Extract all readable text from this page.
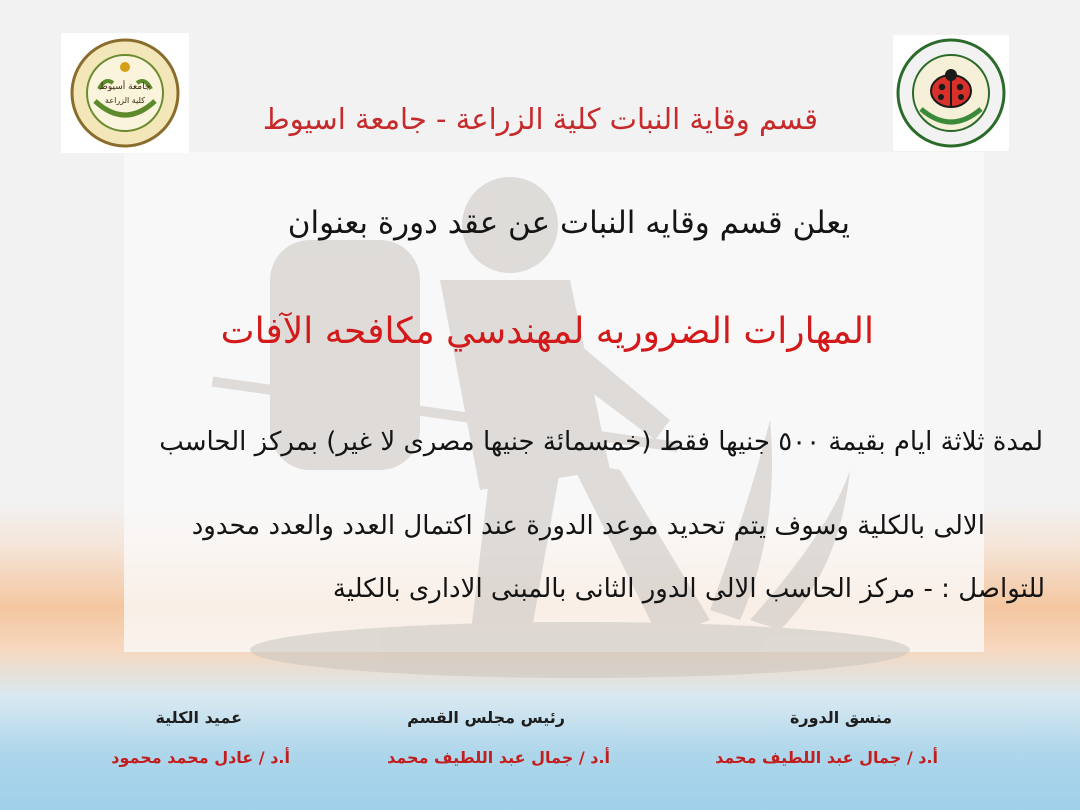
جامعة أسيوط
كلية الزراعة

قسم وقاية النبات كلية الزراعة - جامعة اسيوط

يعلن قسم وقايه النبات عن عقد دورة بعنوان

المهارات الضروريه لمهندسي مكافحه الآفات

لمدة ثلاثة ايام بقيمة ٥٠٠ جنيها فقط (خمسمائة جنيها مصرى لا غير) بمركز الحاسب

الالى بالكلية وسوف يتم تحديد موعد الدورة عند اكتمال العدد والعدد محدود

للتواصل : - مركز الحاسب الالى الدور الثانى بالمبنى الادارى بالكلية

منسق الدورة

رئيس مجلس القسم

عميد الكلية

أ.د / جمال عبد اللطيف محمد

أ.د / جمال عبد اللطيف محمد

أ.د / عادل محمد محمود
